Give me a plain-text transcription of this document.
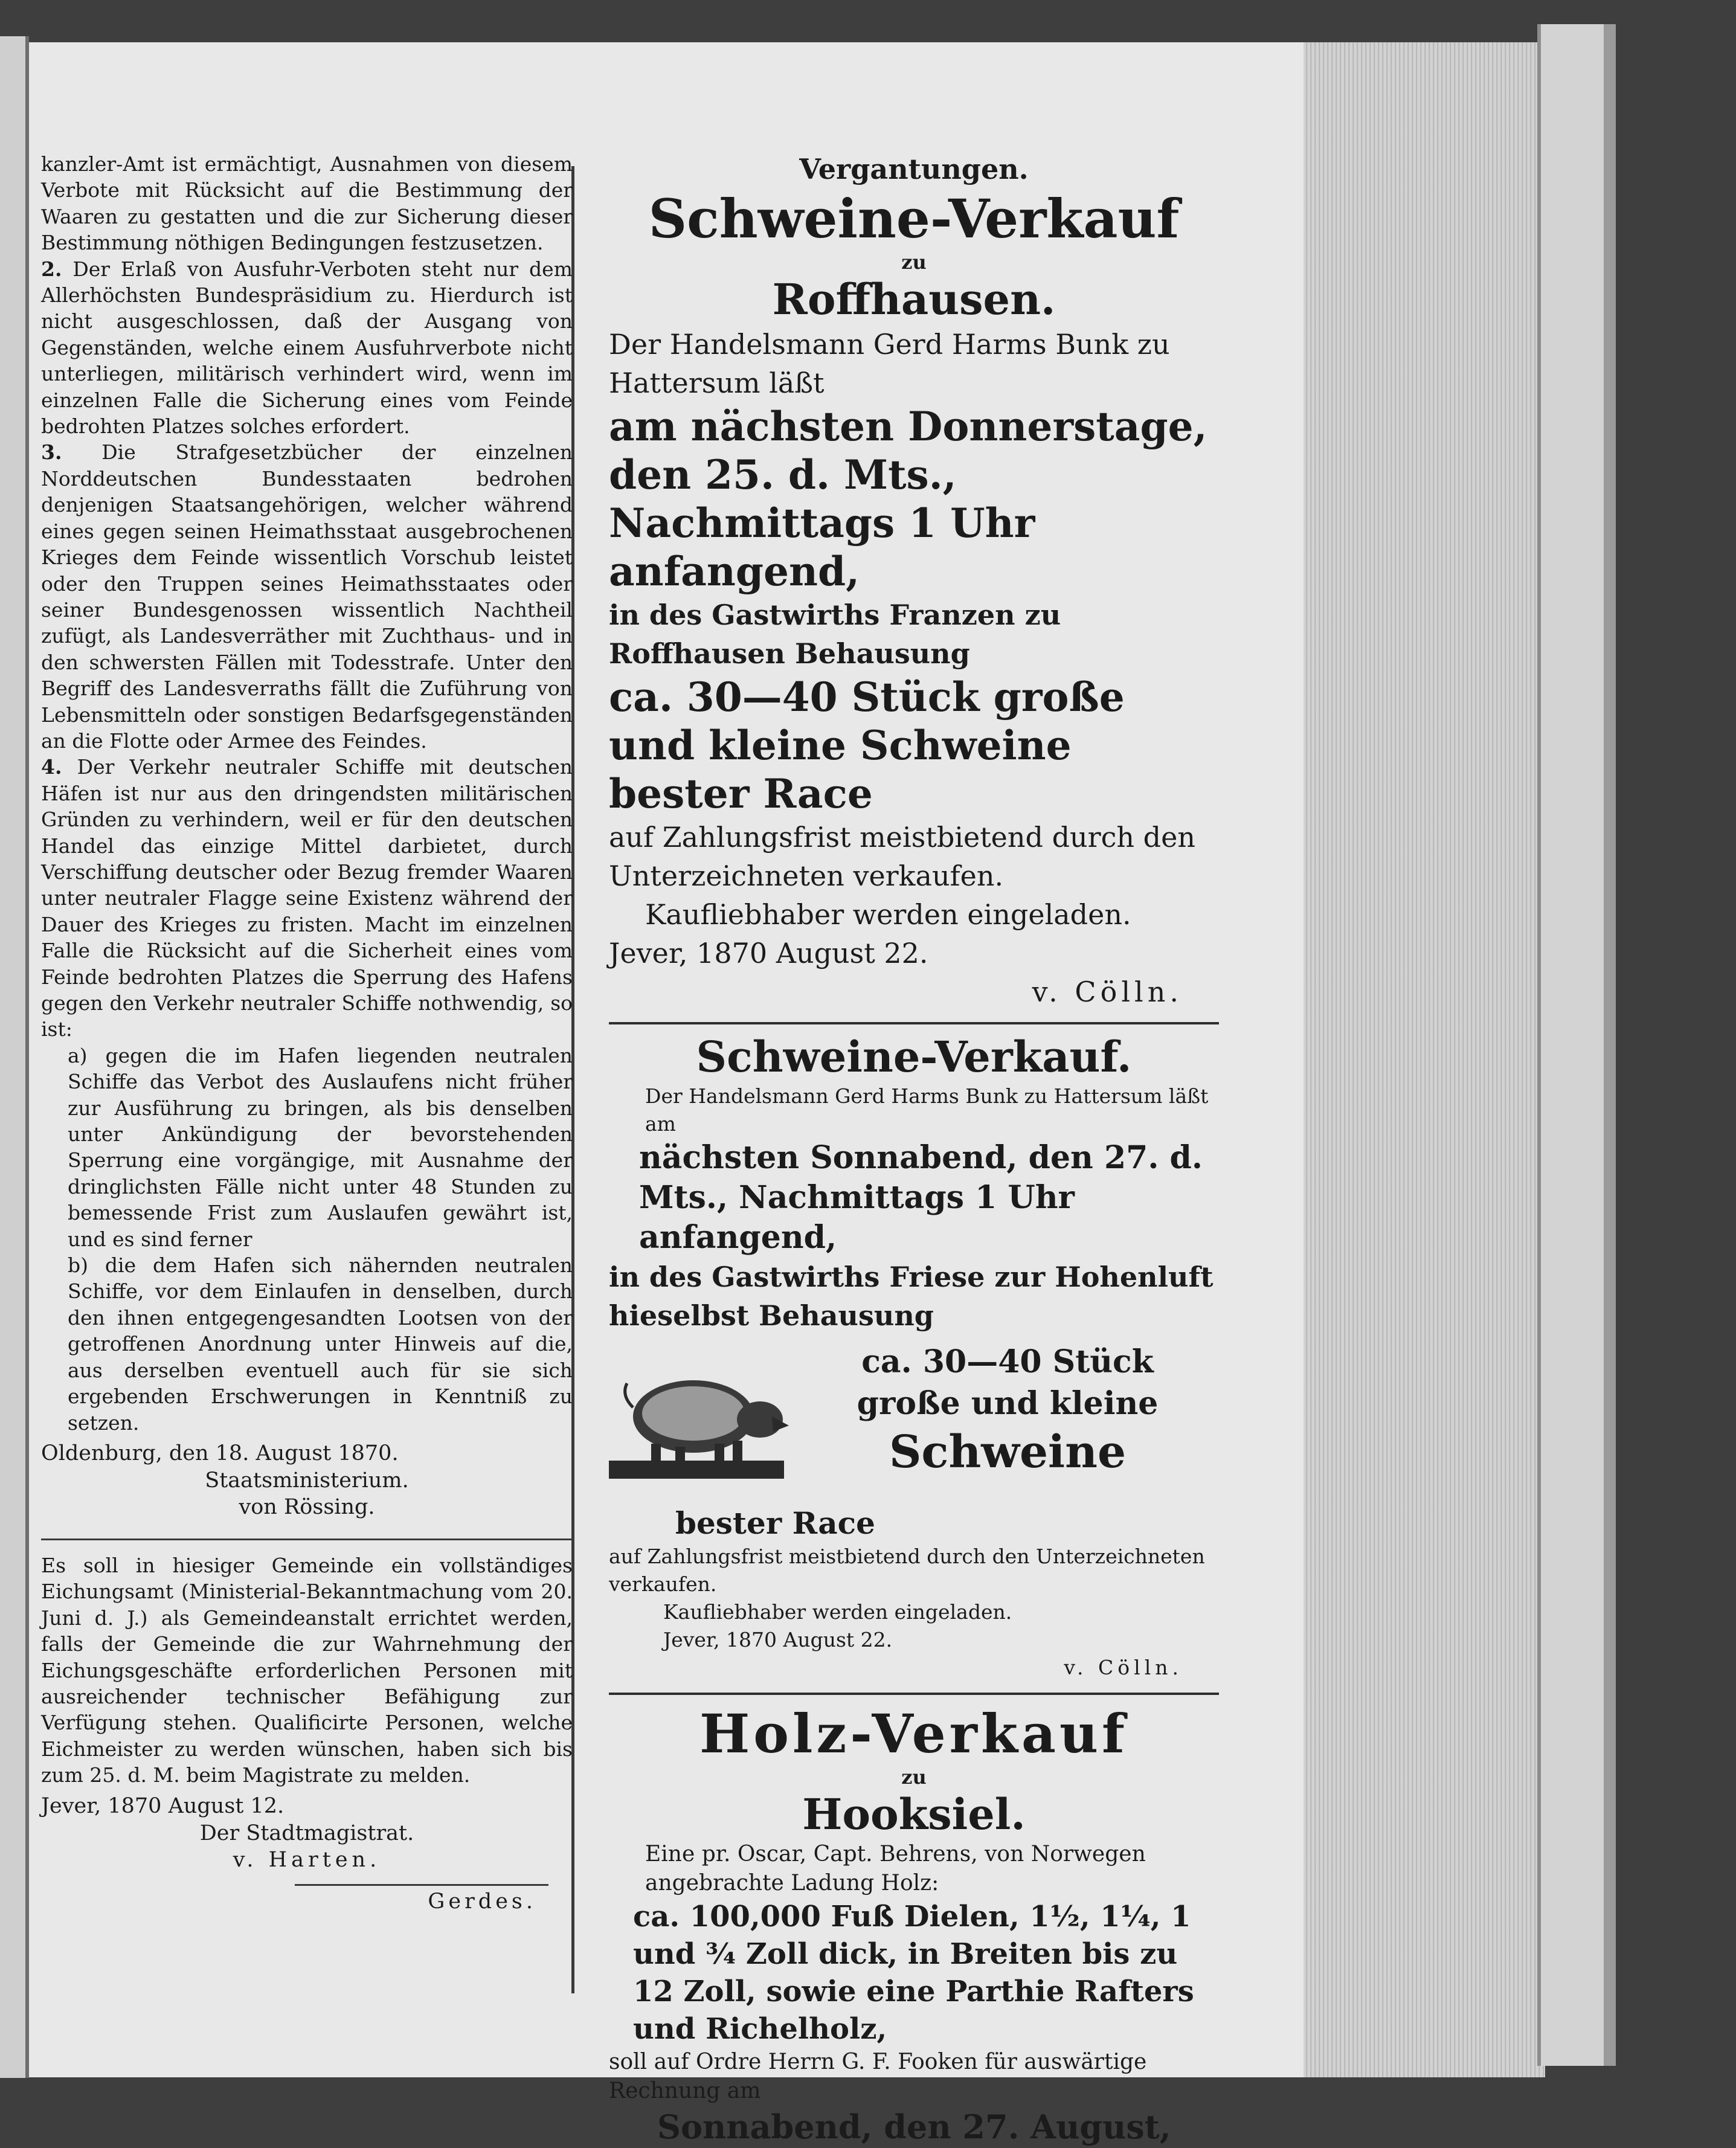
kanzler-Amt ist ermächtigt, Ausnahmen von diesem Verbote mit Rücksicht auf die Bestimmung der Waaren zu gestatten und die zur Sicherung dieser Bestimmung nöthigen Bedingungen festzusetzen.

2. Der Erlaß von Ausfuhr-Verboten steht nur dem Allerhöchsten Bundespräsidium zu. Hierdurch ist nicht ausgeschlossen, daß der Ausgang von Gegenständen, welche einem Ausfuhrverbote nicht unterliegen, militärisch verhindert wird, wenn im einzelnen Falle die Sicherung eines vom Feinde bedrohten Platzes solches erfordert.

3. Die Strafgesetzbücher der einzelnen Norddeutschen Bundesstaaten bedrohen denjenigen Staatsangehörigen, welcher während eines gegen seinen Heimathsstaat ausgebrochenen Krieges dem Feinde wissentlich Vorschub leistet oder den Truppen seines Heimathsstaates oder seiner Bundesgenossen wissentlich Nachtheil zufügt, als Landesverräther mit Zuchthaus- und in den schwersten Fällen mit Todesstrafe. Unter den Begriff des Landesverraths fällt die Zuführung von Lebensmitteln oder sonstigen Bedarfsgegenständen an die Flotte oder Armee des Feindes.

4. Der Verkehr neutraler Schiffe mit deutschen Häfen ist nur aus den dringendsten militärischen Gründen zu verhindern, weil er für den deutschen Handel das einzige Mittel darbietet, durch Verschiffung deutscher oder Bezug fremder Waaren unter neutraler Flagge seine Existenz während der Dauer des Krieges zu fristen. Macht im einzelnen Falle die Rücksicht auf die Sicherheit eines vom Feinde bedrohten Platzes die Sperrung des Hafens gegen den Verkehr neutraler Schiffe nothwendig, so ist:

a) gegen die im Hafen liegenden neutralen Schiffe das Verbot des Auslaufens nicht früher zur Ausführung zu bringen, als bis denselben unter Ankündigung der bevorstehenden Sperrung eine vorgängige, mit Ausnahme der dringlichsten Fälle nicht unter 48 Stunden zu bemessende Frist zum Auslaufen gewährt ist, und es sind ferner

b) die dem Hafen sich nähernden neutralen Schiffe, vor dem Einlaufen in denselben, durch den ihnen entgegengesandten Lootsen von der getroffenen Anordnung unter Hinweis auf die, aus derselben eventuell auch für sie sich ergebenden Erschwerungen in Kenntniß zu setzen.

Oldenburg, den 18. August 1870.

Staatsministerium.

von Rössing.

Es soll in hiesiger Gemeinde ein vollständiges Eichungsamt (Ministerial-Bekanntmachung vom 20. Juni d. J.) als Gemeindeanstalt errichtet werden, falls der Gemeinde die zur Wahrnehmung der Eichungsgeschäfte erforderlichen Personen mit ausreichender technischer Befähigung zur Verfügung stehen. Qualificirte Personen, welche Eichmeister zu werden wünschen, haben sich bis zum 25. d. M. beim Magistrate zu melden.

Jever, 1870 August 12.

Der Stadtmagistrat.

v. Harten.

Gerdes.

Vergantungen.

Schweine-Verkauf

zu

Roffhausen.

Der Handelsmann Gerd Harms Bunk zu Hattersum läßt

am nächsten Donnerstage, den 25. d. Mts., Nachmittags 1 Uhr anfangend,

in des Gastwirths Franzen zu Roffhausen Behausung

ca. 30—40 Stück große und kleine Schweine bester Race

auf Zahlungsfrist meistbietend durch den Unterzeichneten verkaufen.

Kaufliebhaber werden eingeladen.

Jever, 1870 August 22.

v. Cölln.

Schweine-Verkauf.

Der Handelsmann Gerd Harms Bunk zu Hattersum läßt am

nächsten Sonnabend, den 27. d. Mts., Nachmittags 1 Uhr anfangend,

in des Gastwirths Friese zur Hohenluft hieselbst Behausung

ca. 30—40 Stück
große und kleine
Schweine

bester Race

auf Zahlungsfrist meistbietend durch den Unterzeichneten verkaufen.

Kaufliebhaber werden eingeladen.

Jever, 1870 August 22.

v. Cölln.

Holz-Verkauf

zu

Hooksiel.

Eine pr. Oscar, Capt. Behrens, von Norwegen angebrachte Ladung Holz:

ca. 100,000 Fuß Dielen, 1½, 1¼, 1 und ¾ Zoll dick, in Breiten bis zu 12 Zoll, sowie eine Parthie Rafters und Richelholz,

soll auf Ordre Herrn G. F. Fooken für auswärtige Rechnung am

Sonnabend, den 27. August,
